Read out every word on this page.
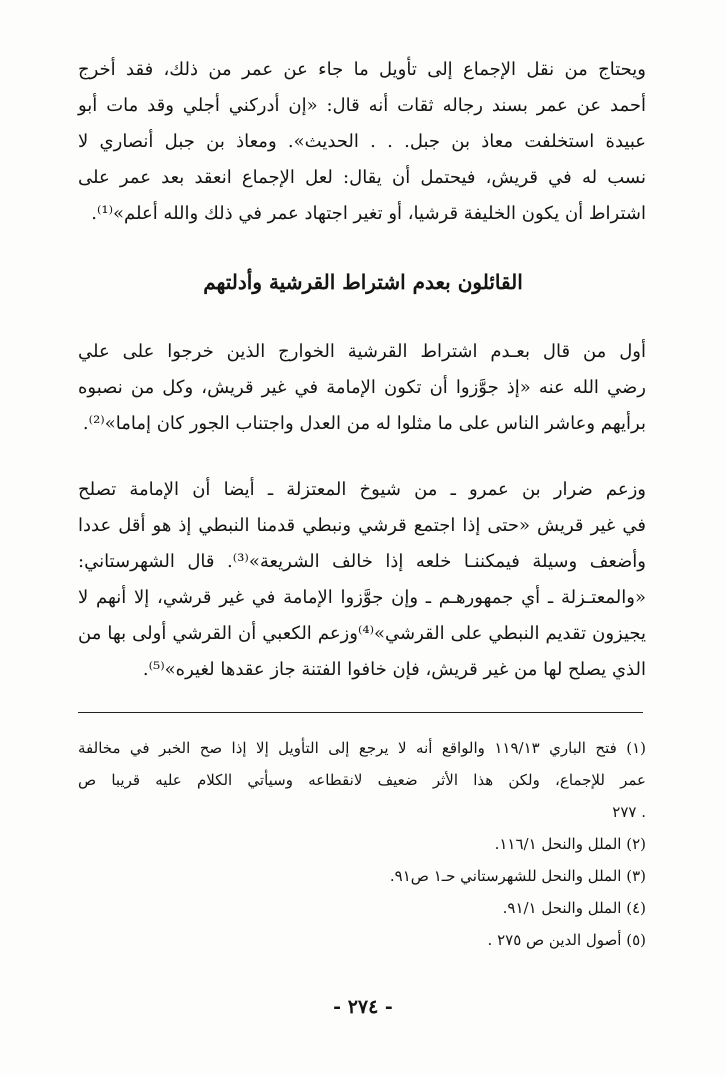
ويحتاج من نقل الإجماع إلى تأويل ما جاء عن عمر من ذلك، فقد أخرج
أحمد عن عمر بسند رجاله ثقات أنه قال: «إن أدركني أجلي وقد مات أبو
عبيدة استخلفت معاذ بن جبل. . . الحديث». ومعاذ بن جبل أنصاري لا
نسب له في قريش، فيحتمل أن يقال: لعل الإجماع انعقد بعد عمر على
اشتراط أن يكون الخليفة قرشيا، أو تغير اجتهاد عمر في ذلك والله أعلم»⁽¹⁾.
القائلون بعدم اشتراط القرشية وأدلتهم
أول من قال بعـدم اشتراط القرشية الخوارج الذين خرجوا على علي
رضي الله عنه «إذ جوَّزوا أن تكون الإمامة في غير قريش، وكل من نصبوه
برأيهم وعاشر الناس على ما مثلوا له من العدل واجتناب الجور كان إماما»⁽²⁾.
وزعم ضرار بن عمرو ـ من شيوخ المعتزلة ـ أيضا أن الإمامة تصلح
في غير قريش «حتى إذا اجتمع قرشي ونبطي قدمنا النبطي إذ هو أقل عددا
وأضعف وسيلة فيمكننـا خلعه إذا خالف الشريعة»⁽³⁾. قال الشهرستاني:
«والمعتـزلة ـ أي جمهورهـم ـ وإن جوَّزوا الإمامة في غير قرشي، إلا أنهم لا
يجيزون تقديم النبطي على القرشي»⁽⁴⁾وزعم الكعبي أن القرشي أولى بها من
الذي يصلح لها من غير قريش، فإن خافوا الفتنة جاز عقدها لغيره»⁽⁵⁾.
(١) فتح الباري ١١٩/١٣ والواقع أنه لا يرجع إلى التأويل إلا إذا صح الخبر في مخالفة
عمر للإجماع، ولكن هذا الأثر ضعيف لانقطاعه وسيأتي الكلام عليه قريبا ص
. ٢٧٧
(٢) الملل والنحل ١١٦/١.
(٣) الملل والنحل للشهرستاني حـ١ ص٩١.
(٤) الملل والنحل ٩١/١.
(٥) أصول الدين ص ٢٧٥ .
- ٢٧٤ -
